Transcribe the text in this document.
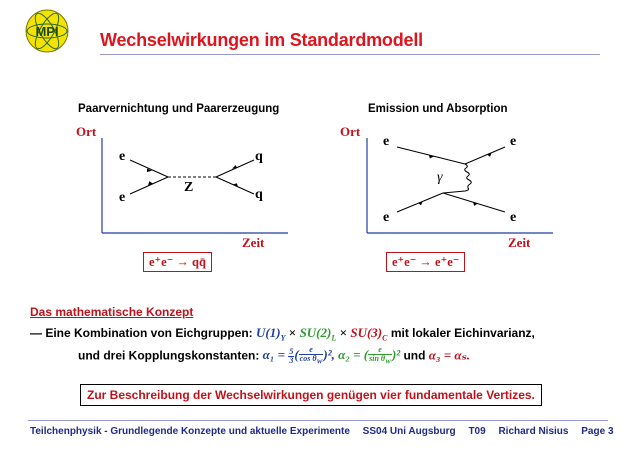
MPI Wechselwirkungen im Standardmodell
Paarvernichtung und Paarerzeugung
Ort
Zeit
e
e
Z
q
q
e⁺e⁻ → qq̄
Emission und Absorption
Ort
Zeit
e	e
γ
e	e
e⁺e⁻ → e⁺e⁻
Das mathematische Konzept
— Eine Kombination von Eichgruppen: $U(1)_Y \times SU(2)_L \times SU(3)_C$ mit lokaler Eichinvarianz,
und drei Kopplungskonstanten: $\alpha_1 = \frac{5}{3}$ ( $\frac{e}{\cos \theta_W} )^2$, α₂ = ( $\frac{e}{\sin \theta_W} )^2$ und α₃ = αₛ.
Zur Beschreibung der Wechselwirkungen genügen vier fundamentale Vertizes.
Teilchenphysik - Grundlegende Konzepte und aktuelle Experimente SS04 Uni Augsburg T09 Richard Nisius Page 3
